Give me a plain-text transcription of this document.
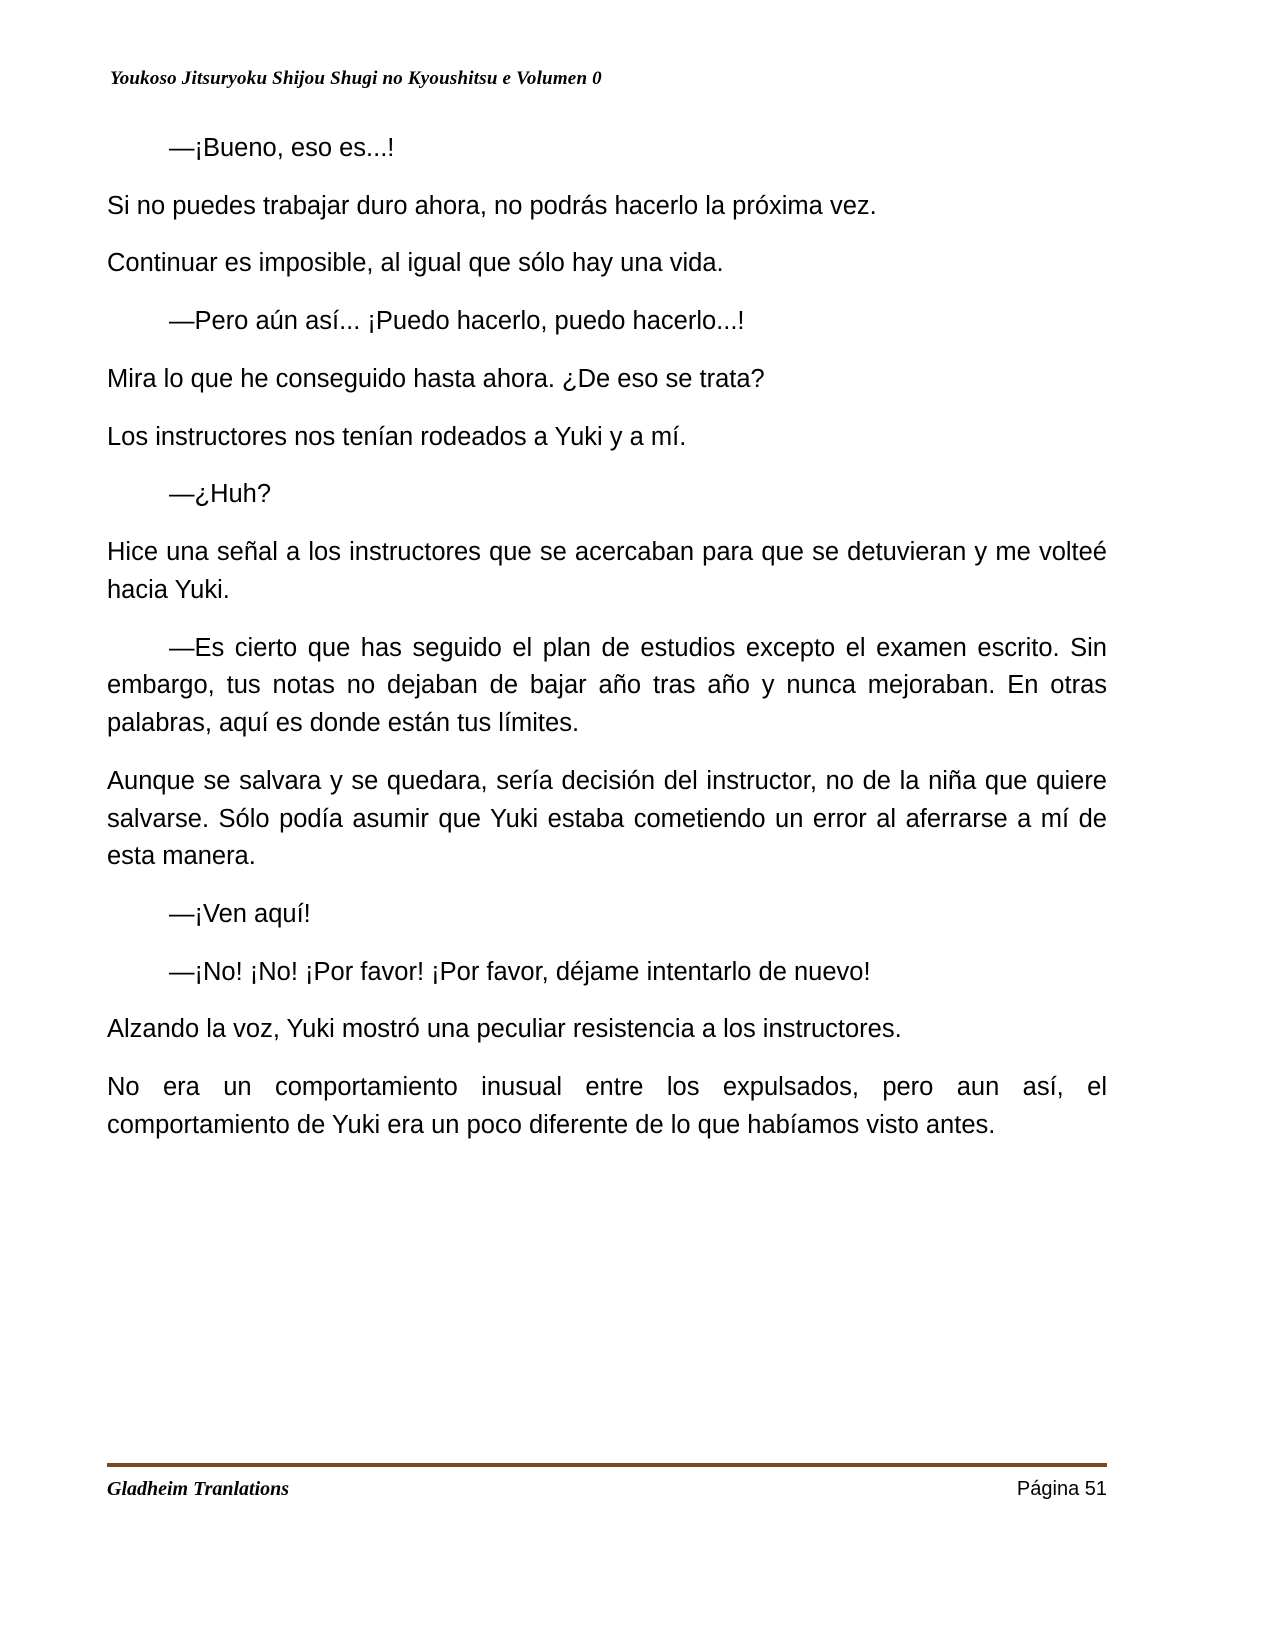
Youkoso Jitsuryoku Shijou Shugi no Kyoushitsu e Volumen 0

—¡Bueno, eso es...!

Si no puedes trabajar duro ahora, no podrás hacerlo la próxima vez.

Continuar es imposible, al igual que sólo hay una vida.

—Pero aún así... ¡Puedo hacerlo, puedo hacerlo...!

Mira lo que he conseguido hasta ahora. ¿De eso se trata?

Los instructores nos tenían rodeados a Yuki y a mí.

—¿Huh?

Hice una señal a los instructores que se acercaban para que se detuvieran y me volteé hacia Yuki.

—Es cierto que has seguido el plan de estudios excepto el examen escrito. Sin embargo, tus notas no dejaban de bajar año tras año y nunca mejoraban. En otras palabras, aquí es donde están tus límites.

Aunque se salvara y se quedara, sería decisión del instructor, no de la niña que quiere salvarse. Sólo podía asumir que Yuki estaba cometiendo un error al aferrarse a mí de esta manera.

—¡Ven aquí!

—¡No! ¡No! ¡Por favor! ¡Por favor, déjame intentarlo de nuevo!

Alzando la voz, Yuki mostró una peculiar resistencia a los instructores.

No era un comportamiento inusual entre los expulsados, pero aun así, el comportamiento de Yuki era un poco diferente de lo que habíamos visto antes.

Gladheim Tranlations	Página 51
